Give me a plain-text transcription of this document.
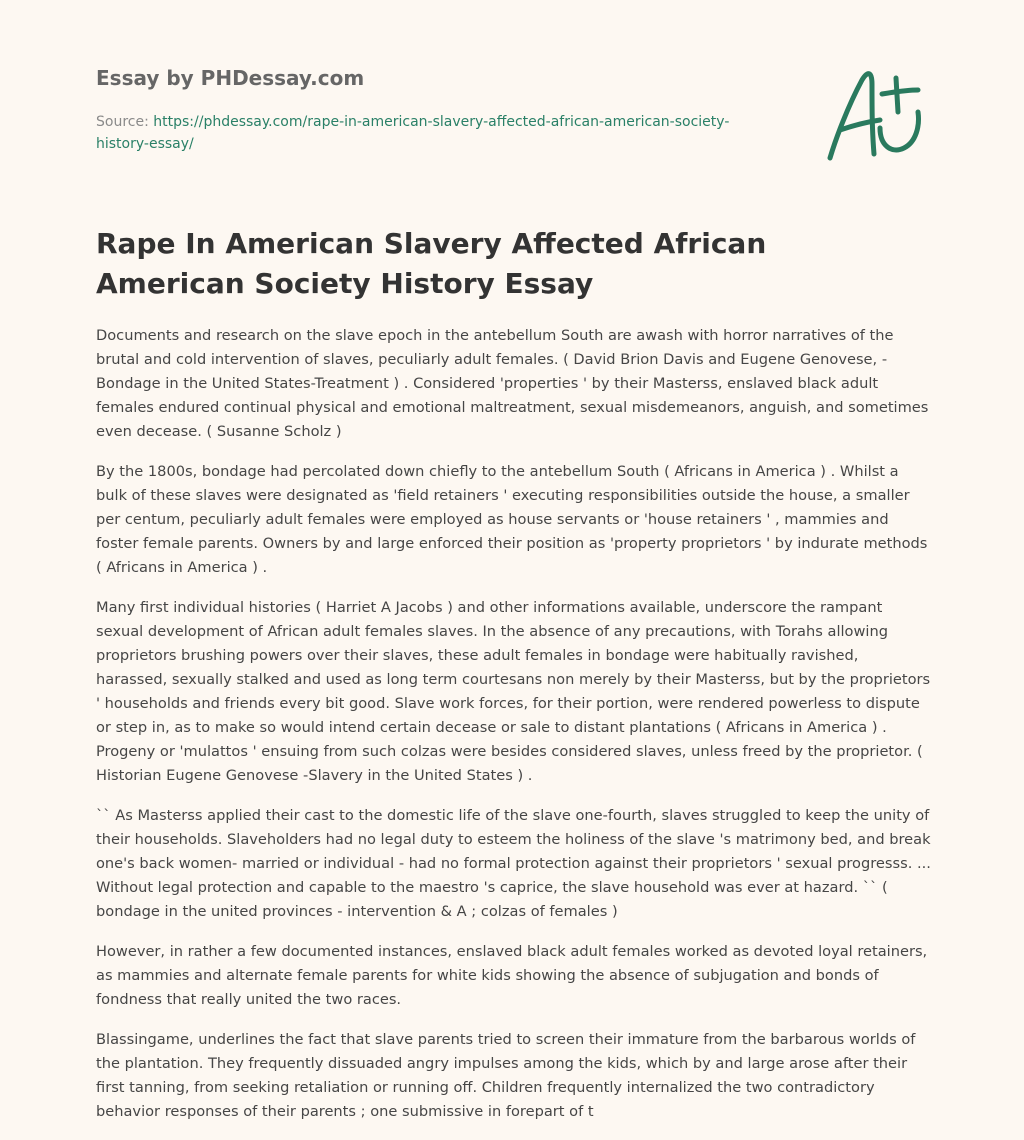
Essay by PHDessay.com
Source: https://phdessay.com/rape-in-american-slavery-affected-african-american-society-history-essay/
Rape In American Slavery Affected African American Society History Essay

Documents and research on the slave epoch in the antebellum South are awash with horror narratives of the brutal and cold intervention of slaves, peculiarly adult females. ( David Brion Davis and Eugene Genovese, -Bondage in the United States-Treatment ) . Considered 'properties ' by their Masterss, enslaved black adult females endured continual physical and emotional maltreatment, sexual misdemeanors, anguish, and sometimes even decease. ( Susanne Scholz )

By the 1800s, bondage had percolated down chiefly to the antebellum South ( Africans in America ) . Whilst a bulk of these slaves were designated as 'field retainers ' executing responsibilities outside the house, a smaller per centum, peculiarly adult females were employed as house servants or 'house retainers ' , mammies and foster female parents. Owners by and large enforced their position as 'property proprietors ' by indurate methods ( Africans in America ) .

Many first individual histories ( Harriet A Jacobs ) and other informations available, underscore the rampant sexual development of African adult females slaves. In the absence of any precautions, with Torahs allowing proprietors brushing powers over their slaves, these adult females in bondage were habitually ravished, harassed, sexually stalked and used as long term courtesans non merely by their Masterss, but by the proprietors ' households and friends every bit good. Slave work forces, for their portion, were rendered powerless to dispute or step in, as to make so would intend certain decease or sale to distant plantations ( Africans in America ) . Progeny or 'mulattos ' ensuing from such colzas were besides considered slaves, unless freed by the proprietor. ( Historian Eugene Genovese -Slavery in the United States ) .

`` As Masterss applied their cast to the domestic life of the slave one-fourth, slaves struggled to keep the unity of their households. Slaveholders had no legal duty to esteem the holiness of the slave 's matrimony bed, and break one's back women- married or individual - had no formal protection against their proprietors ' sexual progresss. ... Without legal protection and capable to the maestro 's caprice, the slave household was ever at hazard. `` ( bondage in the united provinces - intervention & A ; colzas of females )

However, in rather a few documented instances, enslaved black adult females worked as devoted loyal retainers, as mammies and alternate female parents for white kids showing the absence of subjugation and bonds of fondness that really united the two races.

Blassingame, underlines the fact that slave parents tried to screen their immature from the barbarous worlds of the plantation. They frequently dissuaded angry impulses among the kids, which by and large arose after their first tanning, from seeking retaliation or running off. Children frequently internalized the two contradictory behavior responses of their parents ; one submissive in forepart of t
